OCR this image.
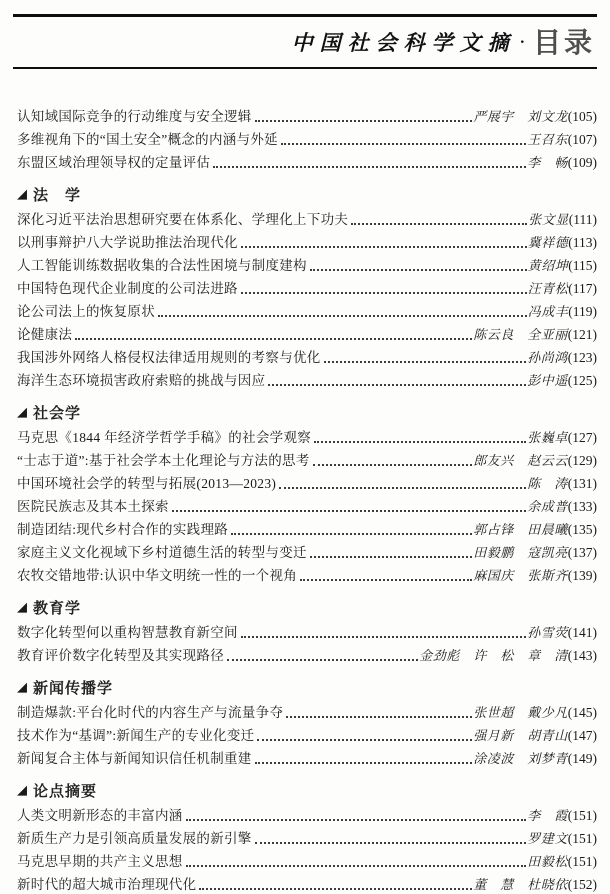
中国社会科学文摘 · 目录
认知域国际竞争的行动维度与安全逻辑	严展宇　刘文龙 (105)
多维视角下的“国土安全”概念的内涵与外延	王召东 (107)
东盟区域治理领导权的定量评估	李　畅 (109)
◢ 法　学
深化习近平法治思想研究要在体系化、学理化上下功夫	张文显 (111)
以刑事辩护八大学说助推法治现代化	冀祥德 (113)
人工智能训练数据收集的合法性困境与制度建构	黄绍坤 (115)
中国特色现代企业制度的公司法进路	汪青松 (117)
论公司法上的恢复原状	冯成丰 (119)
论健康法	陈云良　全亚丽 (121)
我国涉外网络人格侵权法律适用规则的考察与优化	孙尚鸿 (123)
海洋生态环境损害政府索赔的挑战与因应	彭中遥 (125)
◢ 社会学
马克思《1844 年经济学哲学手稿》的社会学观察	张巍卓 (127)
“士志于道”:基于社会学本土化理论与方法的思考	郎友兴　赵云云 (129)
中国环境社会学的转型与拓展(2013—2023)	陈　涛 (131)
医院民族志及其本土探索	余成普 (133)
制造团结:现代乡村合作的实践理路	郭占锋　田晨曦 (135)
家庭主义文化视域下乡村道德生活的转型与变迁	田毅鹏　寇凯亮 (137)
农牧交错地带:认识中华文明统一性的一个视角	麻国庆　张斯齐 (139)
◢ 教育学
数字化转型何以重构智慧教育新空间	孙雪荧 (141)
教育评价数字化转型及其实现路径	金劲彪　许　松　章　清 (143)
◢ 新闻传播学
制造爆款:平台化时代的内容生产与流量争夺	张世超　戴少凡 (145)
技术作为“基调”:新闻生产的专业化变迁	强月新　胡青山 (147)
新闻复合主体与新闻知识信任机制重建	涂凌波　刘梦青 (149)
◢ 论点摘要
人类文明新形态的丰富内涵	李　霞 (151)
新质生产力是引领高质量发展的新引擎	罗建文 (151)
马克思早期的共产主义思想	田毅松 (151)
新时代的超大城市治理现代化	董　慧　杜晓依 (152)
